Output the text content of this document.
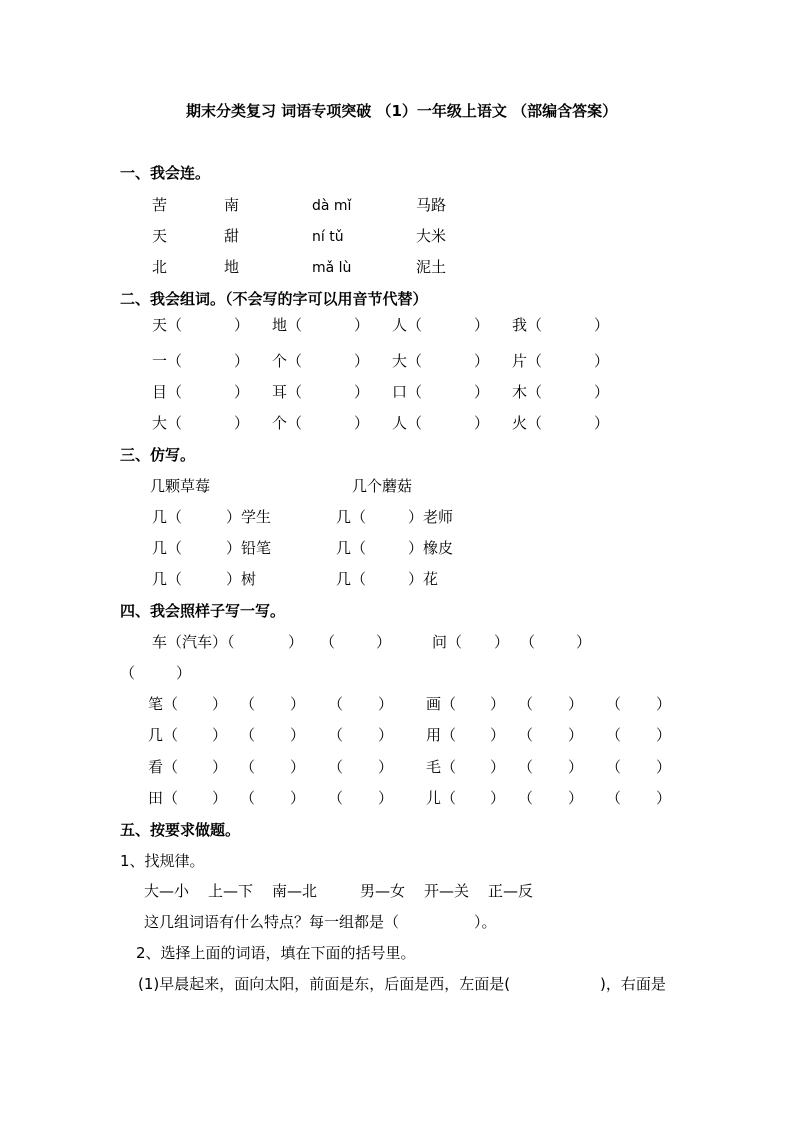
期末分类复习 词语专项突破 （1）一年级上语文 （部编含答案）
一、我会连。
苦	南	dà mǐ	马路
天	甜	ní tǔ	大米
北	地	mǎ lù	泥土
二、我会组词。（不会写的字可以用音节代替）
天（	） 地（	） 人（	） 我（	）
一（	） 个（	） 大（	） 片（	）
目（	） 耳（	） 口（	） 木（	）
大（	） 个（	） 人（	） 火（	）
三、仿写。
几颗草莓	几个蘑菇
几（	）学生	几（	）老师
几（	）铅笔	几（	）橡皮
几（	）树	几（	）花
四、我会照样子写一写。
车（汽车）（	） （	）	问（ ） （	）
（	）
笔（ ） （ ） （ ） 画（ ） （ ） （ ）
几（ ） （ ） （ ） 用（ ） （ ） （ ）
看（ ） （ ） （ ） 毛（ ） （ ） （ ）
田（ ） （ ） （ ） 儿（ ） （ ） （ ）
五、按要求做题。
1、找规律。
大—小 上—下 南—北	男—女 开—关 正—反
这几组词语有什么特点？每一组都是（	）。
2、选择上面的词语，填在下面的括号里。
(1)早晨起来，面向太阳，前面是东，后面是西，左面是(	)，右面是
